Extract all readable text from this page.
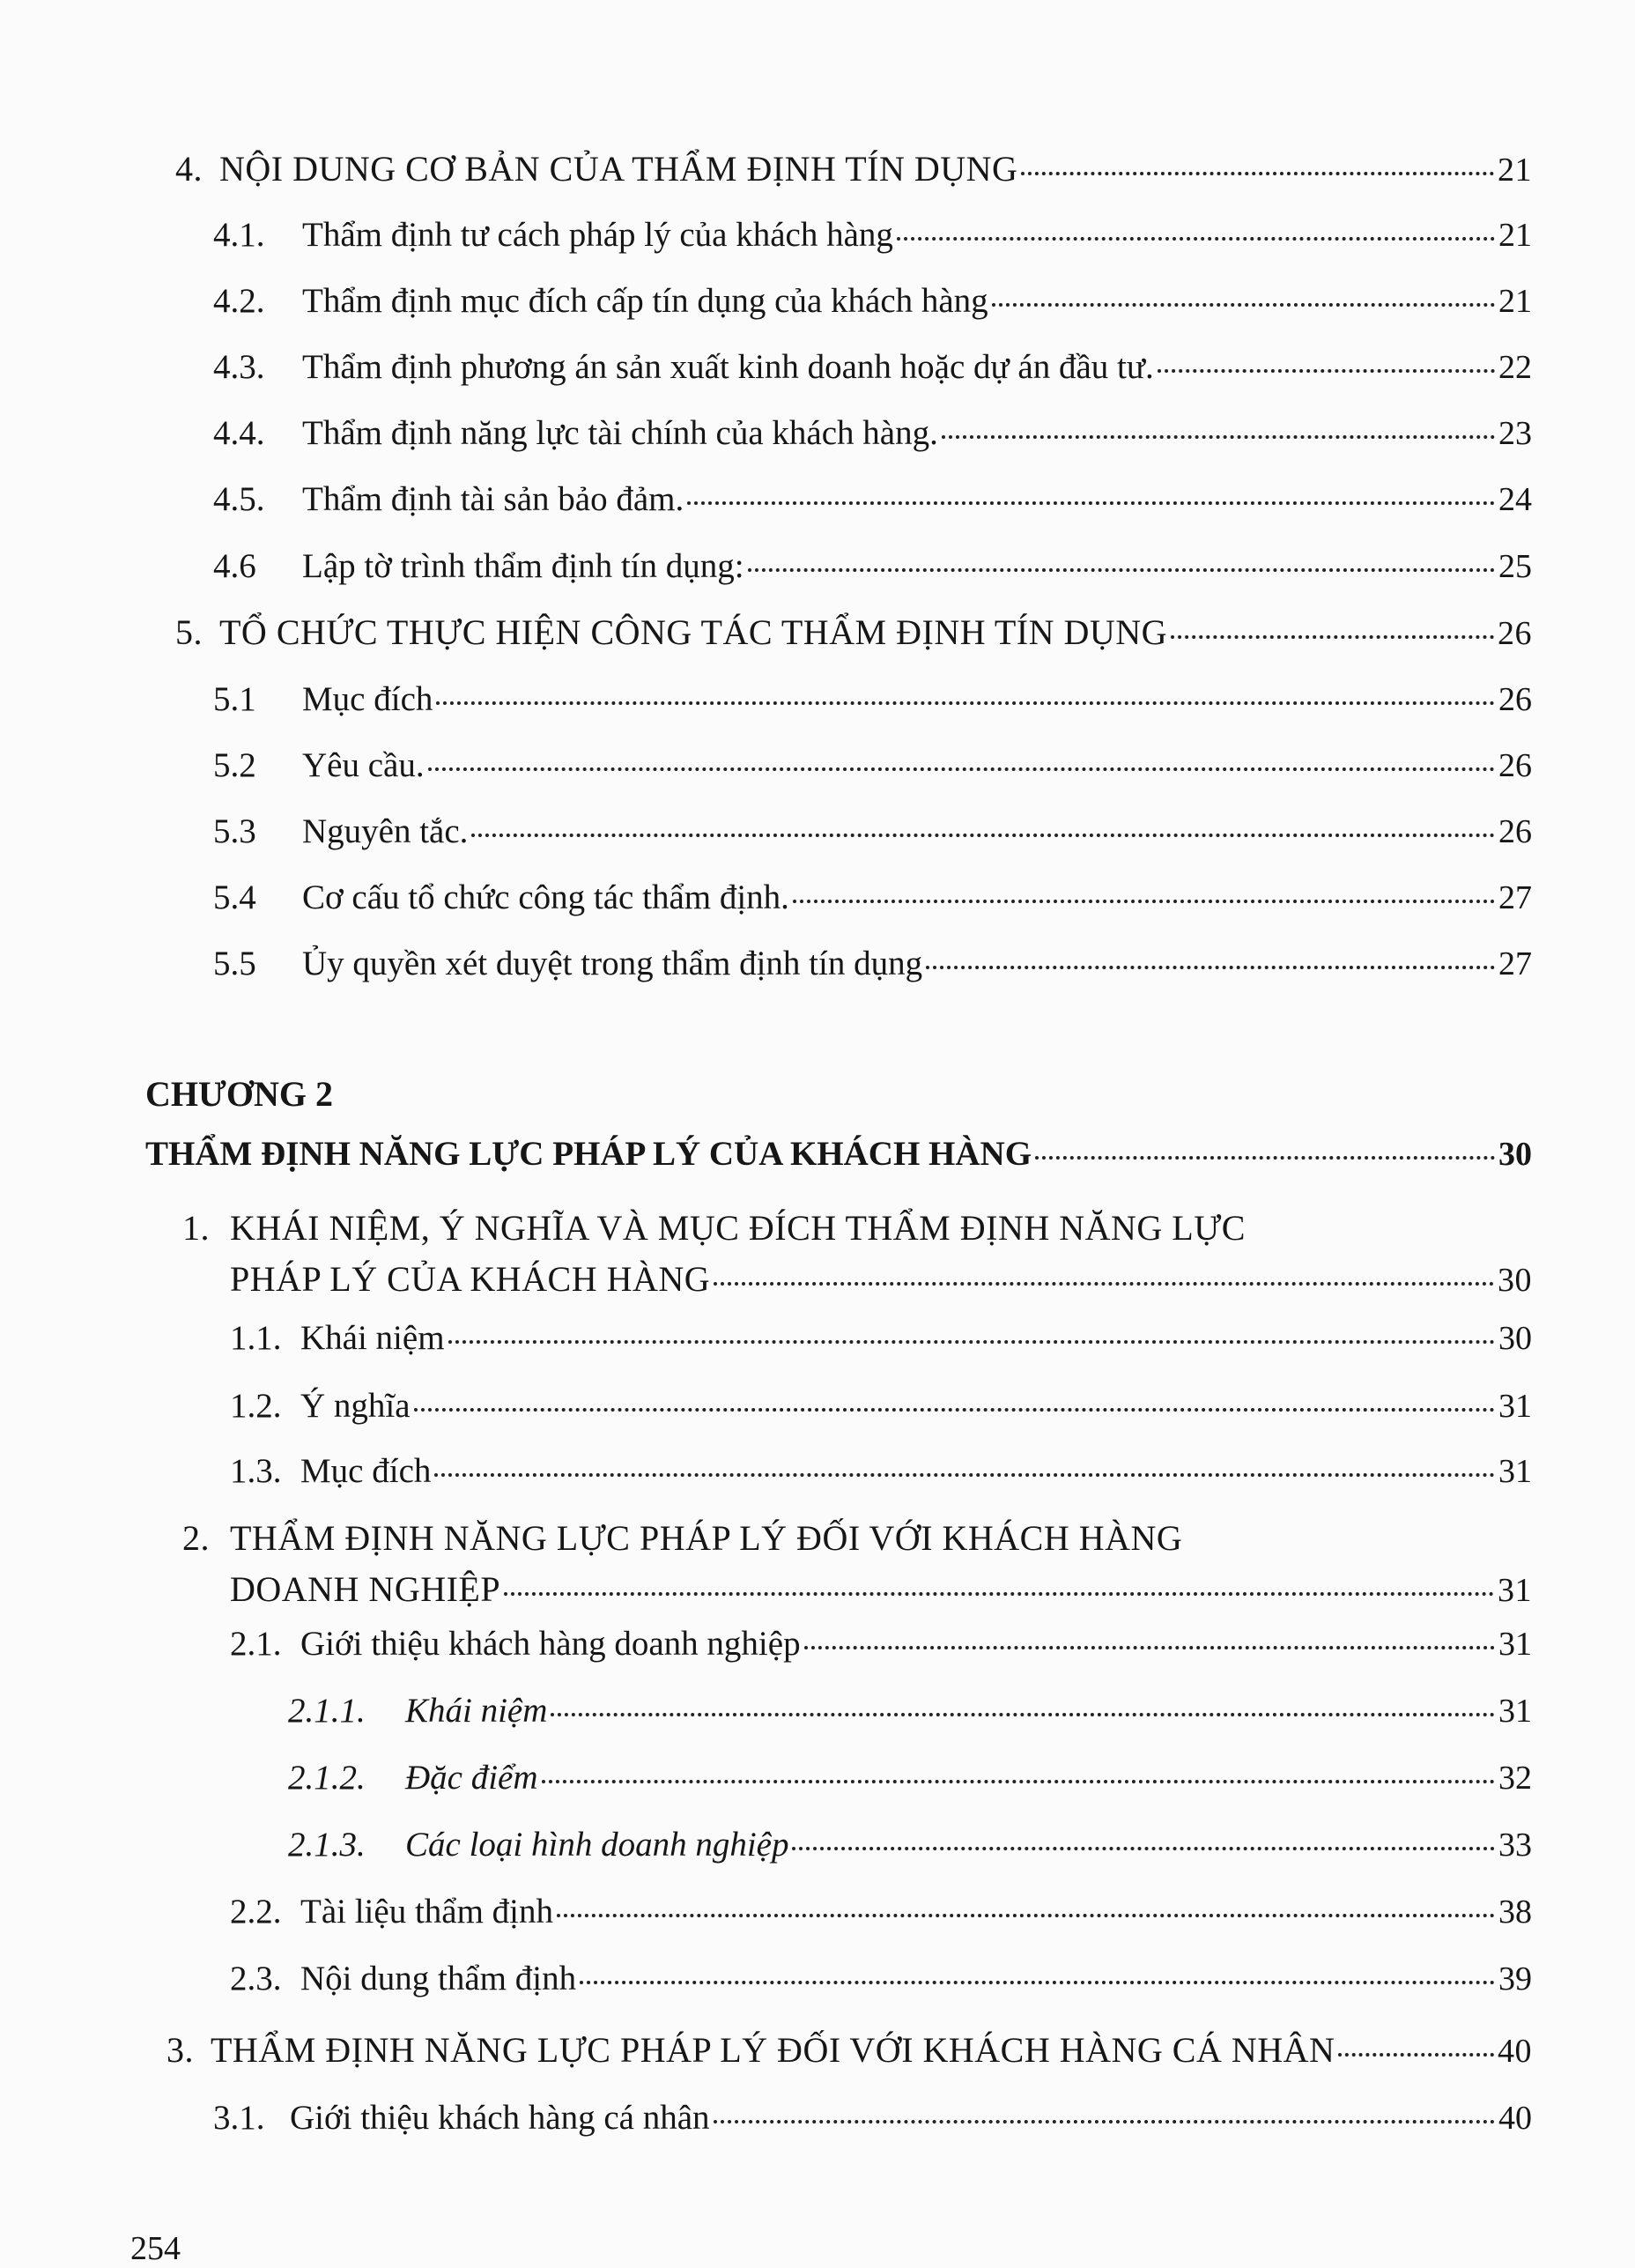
4. NỘI DUNG CƠ BẢN CỦA THẨM ĐỊNH TÍN DỤNG	21
4.1.	Thẩm định tư cách pháp lý của khách hàng	21
4.2.	Thẩm định mục đích cấp tín dụng của khách hàng	21
4.3.	Thẩm định phương án sản xuất kinh doanh hoặc dự án đầu tư.	22
4.4.	Thẩm định năng lực tài chính của khách hàng.	23
4.5.	Thẩm định tài sản bảo đảm.	24
4.6	Lập tờ trình thẩm định tín dụng:	25
5. TỔ CHỨC THỰC HIỆN CÔNG TÁC THẨM ĐỊNH TÍN DỤNG	26
5.1	Mục đích	26
5.2	Yêu cầu.	26
5.3	Nguyên tắc.	26
5.4	Cơ cấu tổ chức công tác thẩm định.	27
5.5	Ủy quyền xét duyệt trong thẩm định tín dụng	27
1. KHÁI NIỆM, Ý NGHĨA VÀ MỤC ĐÍCH THẨM ĐỊNH NĂNG LỰC
PHÁP LÝ CỦA KHÁCH HÀNG	30
1.1. Khái niệm	30
1.2. Ý nghĩa	31
1.3. Mục đích	31
2. THẨM ĐỊNH NĂNG LỰC PHÁP LÝ ĐỐI VỚI KHÁCH HÀNG
DOANH NGHIỆP	31
2.1. Giới thiệu khách hàng doanh nghiệp	31
2.1.1.	Khái niệm	31
2.1.2.	Đặc điểm	32
2.1.3.	Các loại hình doanh nghiệp	33
2.2. Tài liệu thẩm định	38
2.3. Nội dung thẩm định	39
3. THẨM ĐỊNH NĂNG LỰC PHÁP LÝ ĐỐI VỚI KHÁCH HÀNG CÁ NHÂN	40
3.1. Giới thiệu khách hàng cá nhân	40
CHƯƠNG 2
THẨM ĐỊNH NĂNG LỰC PHÁP LÝ CỦA KHÁCH HÀNG	30
254
